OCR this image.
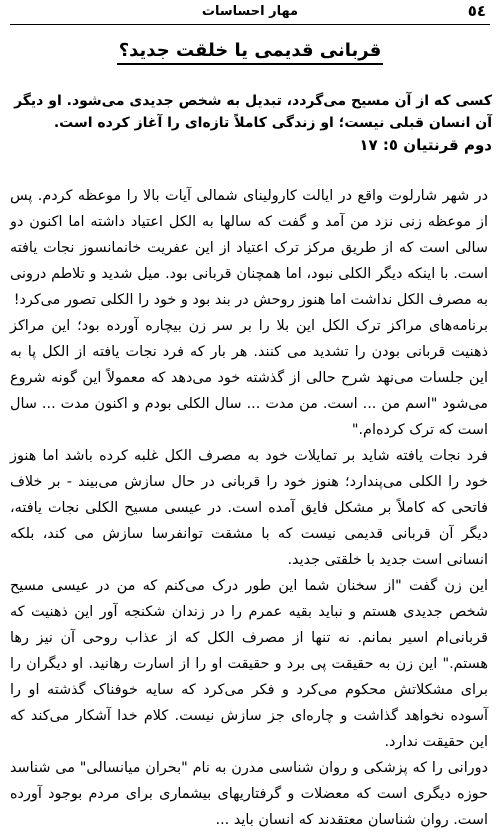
٥٤
مهار احساسات
قربانی قدیمی یا خلقت جدید؟
کسی که از آن مسیح می‌گردد، تبدیل به شخص جدیدی می‌شود. او دیگر آن انسان قبلی نیست؛ او زندگی کاملاً تازه‌ای را آغاز کرده است.
دوم قرنتیان ٥: ١٧

در شهر شارلوت واقع در ایالت کارولینای شمالی آیات بالا را موعظه کردم. پس از موعظه زنی نزد من آمد و گفت که سالها به الکل اعتیاد داشته اما اکنون دو سالی است که از طریق مرکز ترک اعتیاد از این عفریت خانمانسوز نجات یافته است. با اینکه دیگر الکلی نبود، اما همچنان قربانی بود. میل شدید و تلاطم درونی به مصرف الکل نداشت اما هنوز روحش در بند بود و خود را الکلی تصور می‌کرد!

برنامه‌های مراکز ترک الکل این بلا را بر سر زن بیچاره آورده بود؛ این مراکز ذهنیت قربانی بودن را تشدید می کنند. هر بار که فرد نجات یافته از الکل پا به این جلسات می‌نهد شرح حالی از گذشته خود می‌دهد که معمولاً این گونه شروع می‌شود "اسم من ... است. من مدت ... سال الکلی بودم و اکنون مدت ... سال است که ترک کرده‌ام."

فرد نجات یافته شاید بر تمایلات خود به مصرف الکل غلبه کرده باشد اما هنوز خود را الکلی می‌پندارد؛ هنوز خود را قربانی در حال سازش می‌بیند - بر خلاف فاتحی که کاملاً بر مشکل فایق آمده است. در عیسی مسیح الکلی نجات یافته، دیگر آن قربانی قدیمی نیست که با مشقت توانفرسا سازش می کند، بلکه انسانی است جدید با خلقتی جدید.

این زن گفت "از سخنان شما این طور درک می‌کنم که من در عیسی مسیح شخص جدیدی هستم و نباید بقیه عمرم را در زندان شکنجه آور این ذهنیت که قربانی‌ام اسیر بمانم. نه تنها از مصرف الکل که از عذاب روحی آن نیز رها هستم." این زن به حقیقت پی برد و حقیقت او را از اسارت رهانید. او دیگران را برای مشکلاتش محکوم می‌کرد و فکر می‌کرد که سایه خوفناک گذشته او را آسوده نخواهد گذاشت و چاره‌ای جز سازش نیست. کلام خدا آشکار می‌کند که این حقیقت ندارد.

دورانی را که پزشکی و روان شناسی مدرن به نام "بحران میانسالی" می شناسد حوزه دیگری است که معضلات و گرفتاریهای بیشماری برای مردم بوجود آورده است. روان شناسان معتقدند که انسان باید ...
